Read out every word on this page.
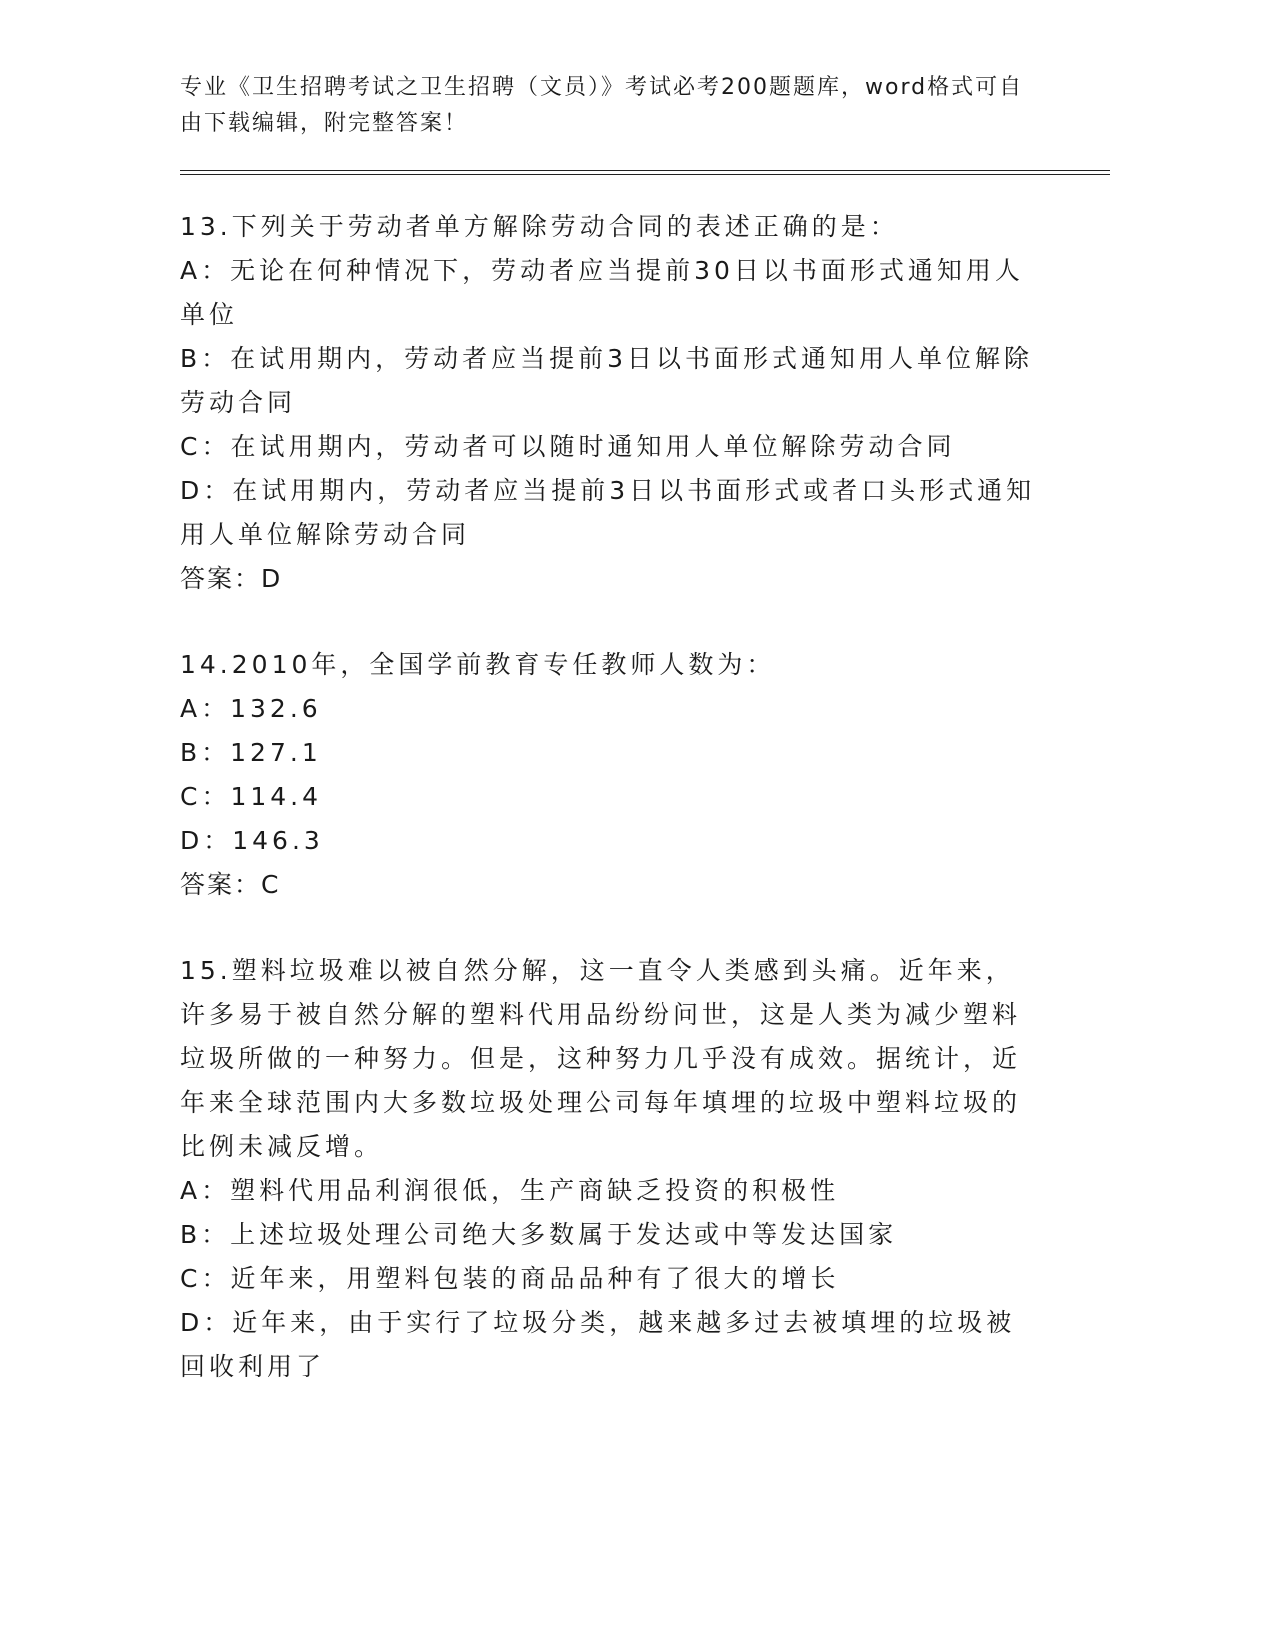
专业《卫生招聘考试之卫生招聘（文员）》考试必考200题题库，word格式可自由下载编辑，附完整答案！
13.下列关于劳动者单方解除劳动合同的表述正确的是：
A：无论在何种情况下，劳动者应当提前30日以书面形式通知用人单位
B：在试用期内，劳动者应当提前3日以书面形式通知用人单位解除劳动合同
C：在试用期内，劳动者可以随时通知用人单位解除劳动合同
D：在试用期内，劳动者应当提前3日以书面形式或者口头形式通知用人单位解除劳动合同
答案：D
14.2010年，全国学前教育专任教师人数为：
A：132.6
B：127.1
C：114.4
D：146.3
答案：C
15.塑料垃圾难以被自然分解，这一直令人类感到头痛。近年来，许多易于被自然分解的塑料代用品纷纷问世，这是人类为减少塑料垃圾所做的一种努力。但是，这种努力几乎没有成效。据统计，近年来全球范围内大多数垃圾处理公司每年填埋的垃圾中塑料垃圾的比例未减反增。
A：塑料代用品利润很低，生产商缺乏投资的积极性
B：上述垃圾处理公司绝大多数属于发达或中等发达国家
C：近年来，用塑料包装的商品品种有了很大的增长
D：近年来，由于实行了垃圾分类，越来越多过去被填埋的垃圾被回收利用了
